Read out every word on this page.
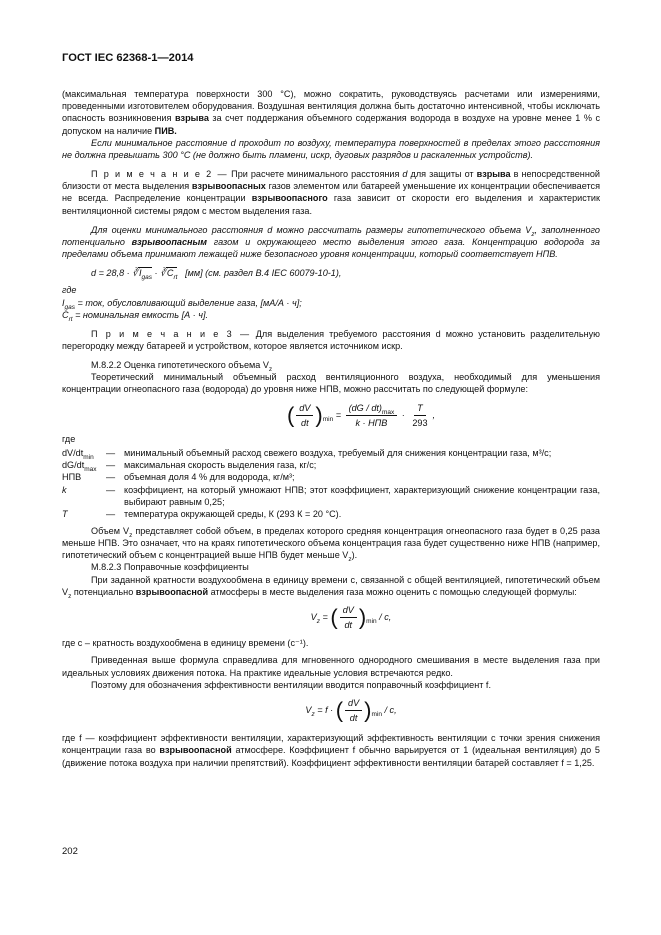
ГОСТ IEC 62368-1—2014

(максимальная температура поверхности 300 °C), можно сократить, руководствуясь расчетами или измерениями, проведенными изготовителем оборудования. Воздушная вентиляция должна быть достаточно интенсивной, чтобы исключать опасность возникновения взрыва за счет поддержания объемного содержания водорода в воздухе на уровне менее 1 % с допуском на наличие ПИВ.

Если минимальное расстояние d проходит по воздуху, температура поверхностей в пределах этого рассстояния не должна превышать 300 °C (не должно быть пламени, искр, дуговых разрядов и раскаленных устройств).

П р и м е ч а н и е 2 — При расчете минимального расстояния d для защиты от взрыва в непосредственной близости от места выделения взрывоопасных газов элементом или батареей уменьшение их концентрации обеспечивается не всегда. Распределение концентрации взрывоопасного газа зависит от скорости его выделения и характеристик вентиляционной системы рядом с местом выделения газа.

Для оценки минимального расстояния d можно рассчитать размеры гипотетического объема $V_z$, заполненного потенциально взрывоопасным газом и окружающего место выделения этого газа. Концентрацию водорода за пределами объема принимают лежащей ниже безопасного уровня концентрации, который соответствует НПВ.

$d = 28,8 \cdot ∛I_{gas}$ · $∛C_{rt}$ [мм] (см. раздел В.4 IEC 60079-10-1),

где

$I_{gas}$ = ток, обусловливающий выделение газа, [мА/А · ч];

$C_{rt}$ = номинальная емкость [А · ч].

П р и м е ч а н и е 3 — Для выделения требуемого расстояния d можно установить разделительную перегородку между батареей и устройством, которое является источником искр.

М.8.2.2 Оценка гипотетического объема $V_z$

Теоретический минимальный объемный расход вентиляционного воздуха, необходимый для уменьшения концентрации огнеопасного газа (водорода) до уровня ниже НПВ, можно рассчитать по следующей формуле:

( $\frac{dV}{dt} )_{min} = \frac{(dG / dt)_{max}}{\text{k · НПВ}} \cdot \frac{T}{293}$ ,

где

$dV/dt_{min}$	— минимальный объемный расход свежего воздуха, требуемый для снижения концентрации газа, м³/с;
$dG/dt_{max}$	— максимальная скорость выделения газа, кг/с;
НПВ	— объемная доля 4 % для водорода, кг/м³;
k	— коэффициент, на который умножают НПВ; этот коэффициент, характеризующий снижение концентрации газа, выбирают равным 0,25;
T	— температура окружающей среды, К (293 К = 20 °C).

Объем $V_z$ представляет собой объем, в пределах которого средняя концентрация огнеопасного газа будет в 0,25 раза меньше НПВ. Это означает, что на краях гипотетического объема концентрация газа будет существенно ниже НПВ (например, гипотетический объем с концентрацией выше НПВ будет меньше $V_z$).

М.8.2.3 Поправочные коэффициенты

При заданной кратности воздухообмена в единицу времени c, связанной с общей вентиляцией, гипотетический объем $V_z$ потенциально взрывоопасной атмосферы в месте выделения газа можно оценить с помощью следующей формулы:

$V_z$ = ( $\frac{dV}{dt} )_{min}$ / c,

где c – кратность воздухообмена в единицу времени (с⁻¹).

Приведенная выше формула справедлива для мгновенного однородного смешивания в месте выделения газа при идеальных условиях движения потока. На практике идеальные условия встречаются редко.

Поэтому для обозначения эффективности вентиляции вводится поправочный коэффициент f.

$V_z = f$ · ( $\frac{dV}{dt} )_{min}$ / c,

где f — коэффициент эффективности вентиляции, характеризующий эффективность вентиляции с точки зрения снижения концентрации газа во взрывоопасной атмосфере. Коэффициент f обычно варьируется от 1 (идеальная вентиляция) до 5 (движение потока воздуха при наличии препятствий). Коэффициент эффективности вентиляции батарей составляет f = 1,25.

202
